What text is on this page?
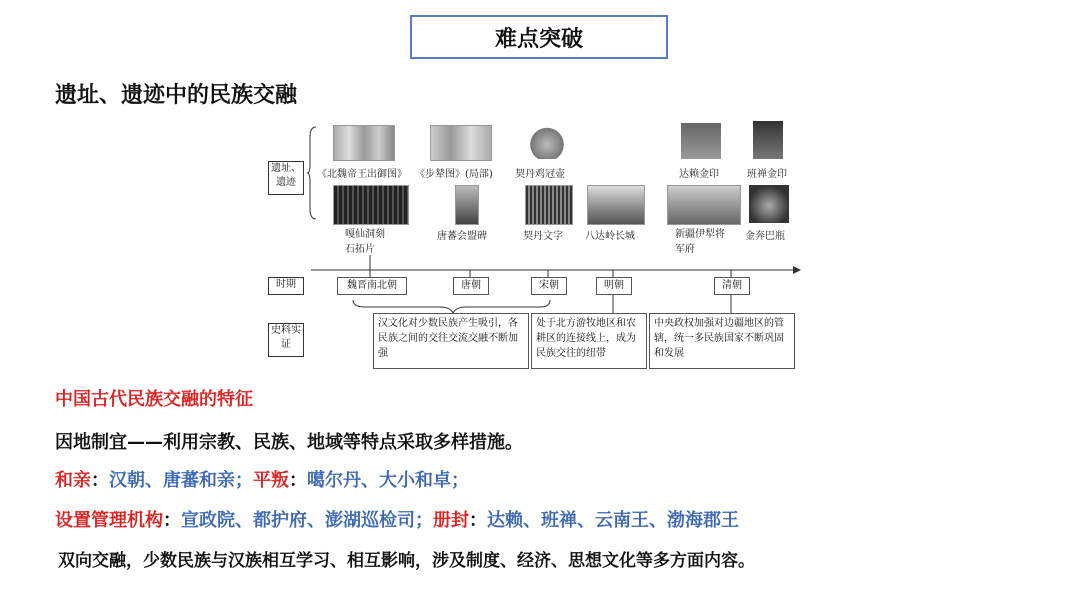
难点突破
遗址、遗迹中的民族交融
遗址、遗迹
时期
史料实证
《北魏帝王出御图》 《步辇图》(局部) 契丹鸡冠壶	达赖金印	班禅金印
嘎仙洞刻石拓片
唐蕃会盟碑	契丹文字 八达岭长城	新疆伊犁将军府
金奔巴瓶
魏晋南北朝	唐朝	宋朝	明朝	清朝
汉文化对少数民族产生吸引，各民族之间的交往交流交融不断加强
处于北方游牧地区和农耕区的连接线上，成为民族交往的纽带
中央政权加强对边疆地区的管辖，统一多民族国家不断巩固和发展
中国古代民族交融的特征
因地制宜——利用宗教、民族、地域等特点采取多样措施。
和亲：汉朝、唐蕃和亲；平叛：噶尔丹、大小和卓；
设置管理机构：宣政院、都护府、澎湖巡检司；册封：达赖、班禅、云南王、渤海郡王
双向交融，少数民族与汉族相互学习、相互影响，涉及制度、经济、思想文化等多方面内容。
